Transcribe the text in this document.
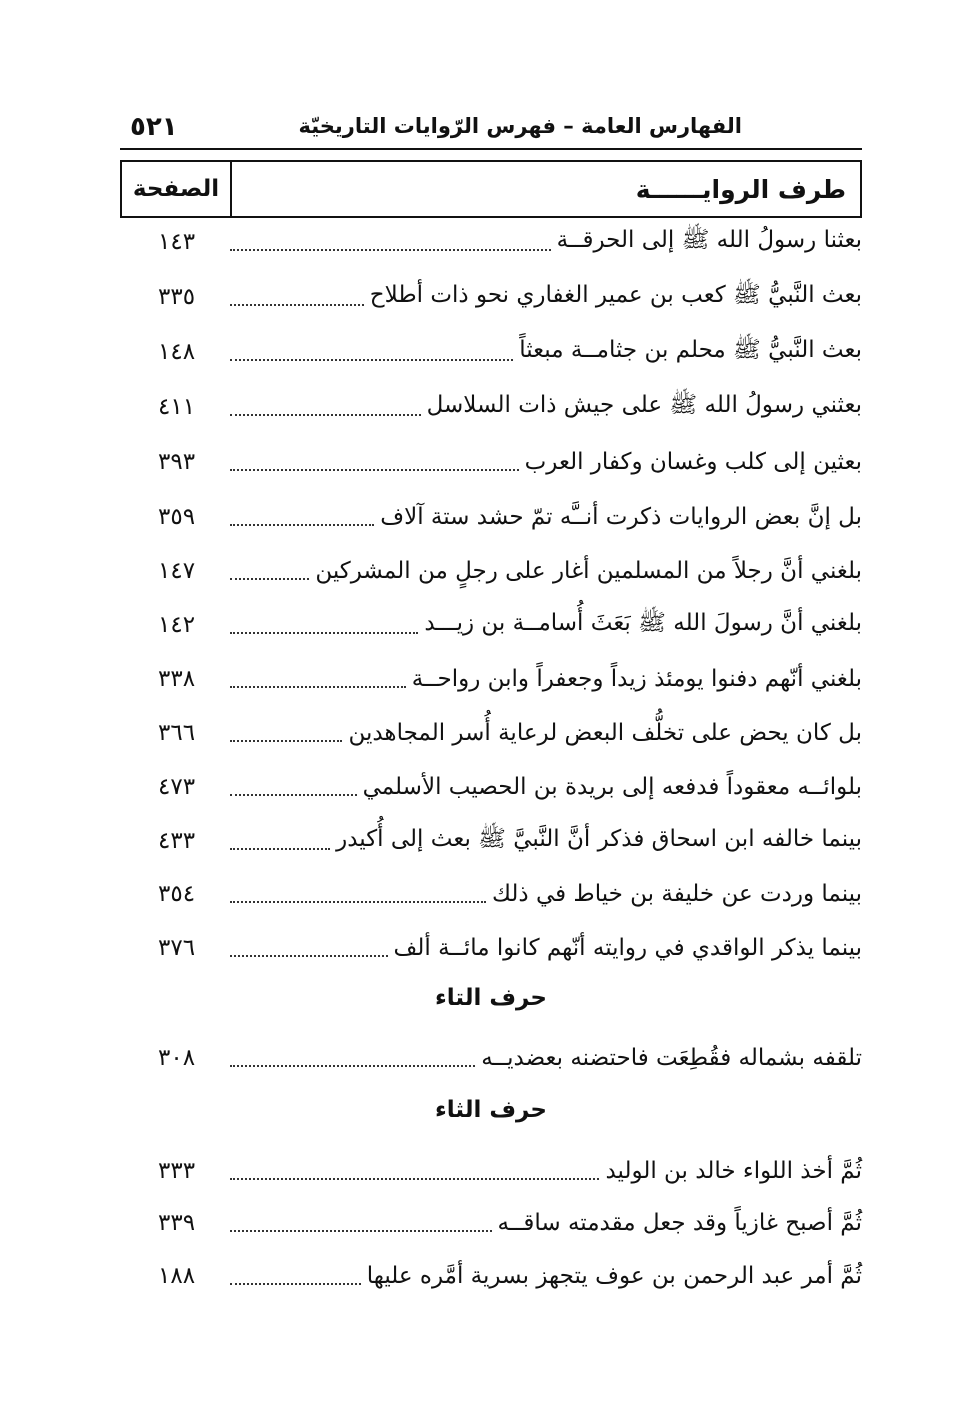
٥٢١	الفهارس العامة – فهرس الرّوايات التاريخيّة
طرف الروايــــــة
الصفحة
بعثنا رسولُ الله ﷺ إلى الحرقــة
١٤٣
بعث النَّبيُّ ﷺ كعب بن عمير الغفاري نحو ذات أطلاح
٣٣٥
بعث النَّبيُّ ﷺ محلم بن جثامــة مبعثاً
١٤٨
بعثني رسولُ الله ﷺ على جيش ذات السلاسل
٤١١
بعثين إلى كلب وغسان وكفار العرب
٣٩٣
بل إنَّ بعض الروايات ذكرت أنــَّه تمّ حشد ستة آلاف
٣٥٩
بلغني أنَّ رجلاً من المسلمين أغار على رجلٍ من المشركين
١٤٧
بلغني أنَّ رسولَ الله ﷺ بَعَثَ أُسامــة بن زيـــد
١٤٢
بلغني أنّهم دفنوا يومئذ زيداً وجعفراً وابن رواحــة
٣٣٨
بل كان يحض على تخلُّف البعض لرعاية أُسر المجاهدين
٣٦٦
بلوائــه معقوداً فدفعه إلى بريدة بن الحصيب الأسلمي
٤٧٣
بينما خالفه ابن اسحاق فذكر أنَّ النَّبيَّ ﷺ بعث إلى أُكيدر
٤٣٣
بينما وردت عن خليفة بن خياط في ذلك
٣٥٤
بينما يذكر الواقدي في روايته أنّهم كانوا مائــة ألف
٣٧٦
حرف التاء
تلقفه بشماله فقُطِعَت فاحتضنه بعضديــه
٣٠٨
حرف الثاء
ثُمَّ أخذ اللواء خالد بن الوليد
٣٣٣
ثُمَّ أصبح غازياً وقد جعل مقدمته ساقــه
٣٣٩
ثُمَّ أمر عبد الرحمن بن عوف يتجهز بسرية أمَّره عليها
١٨٨
